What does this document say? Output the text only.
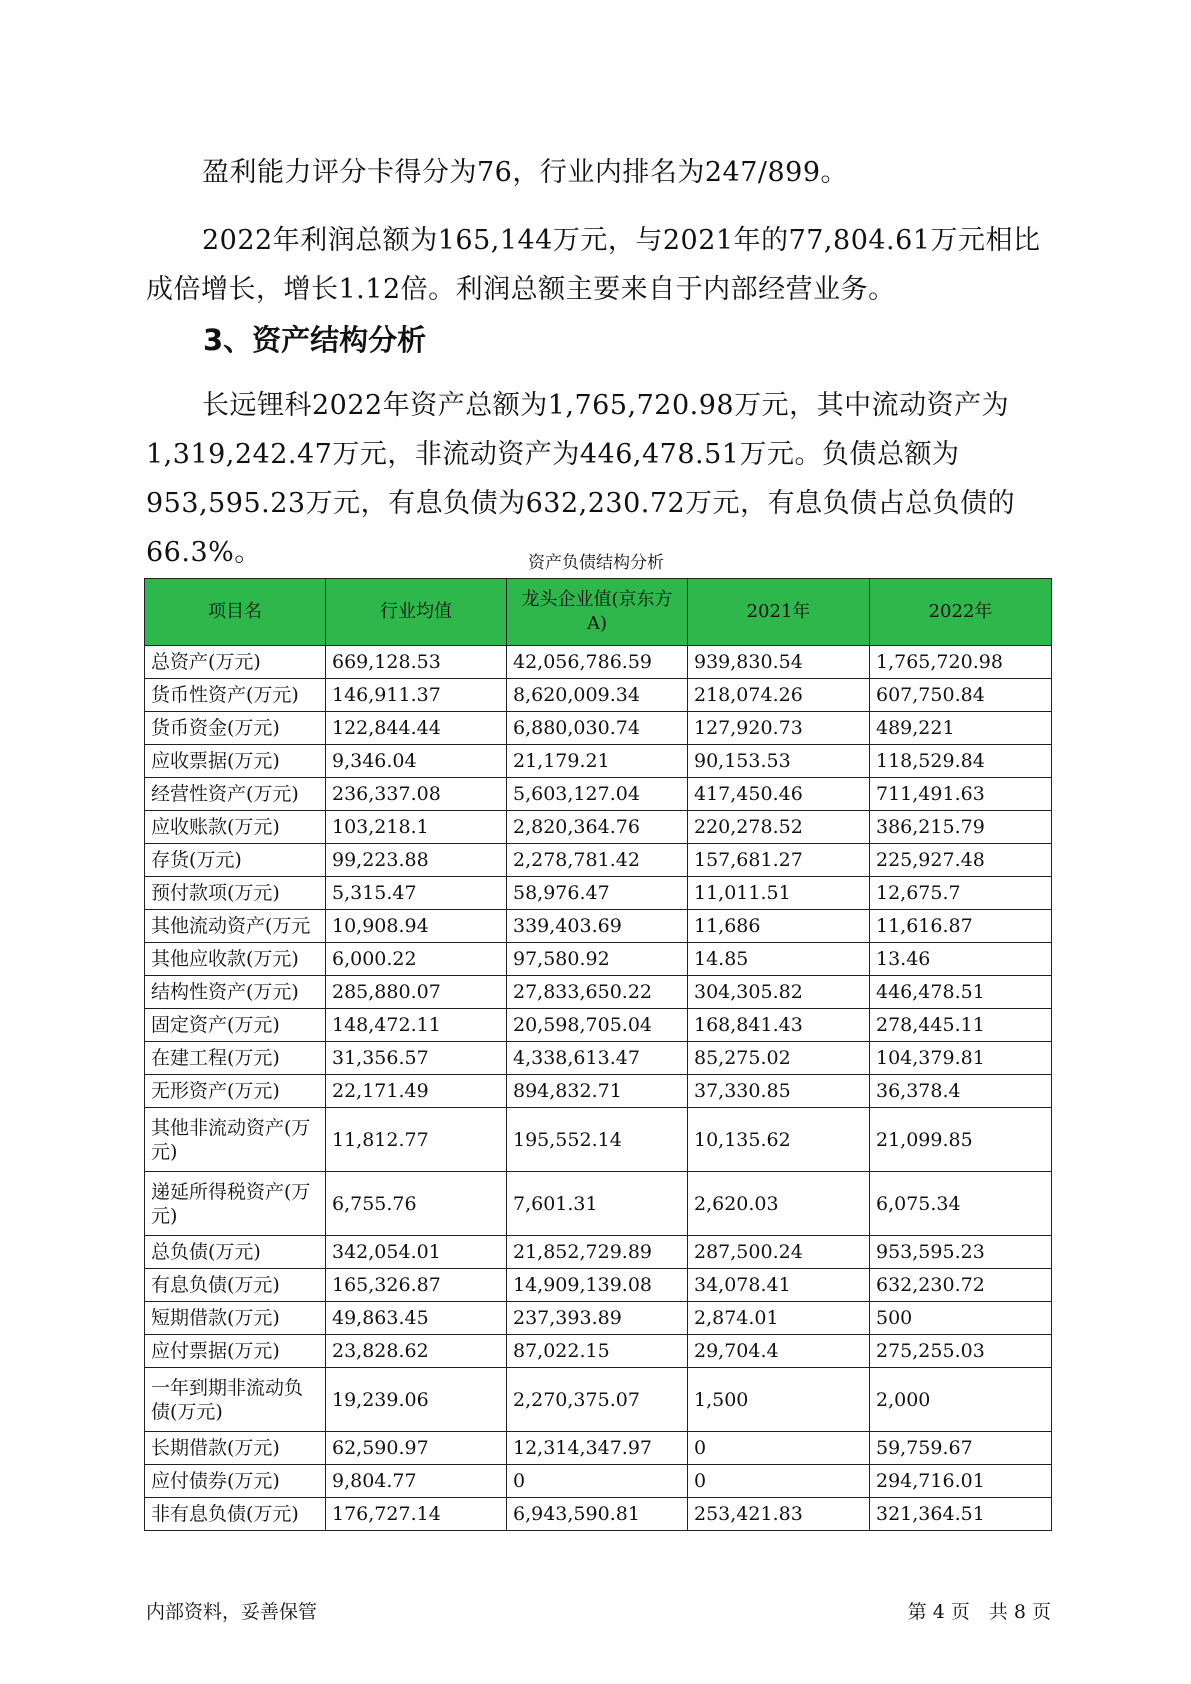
盈利能力评分卡得分为76，行业内排名为247/899。
2022年利润总额为165,144万元，与2021年的77,804.61万元相比成倍增长，增长1.12倍。利润总额主要来自于内部经营业务。
3、资产结构分析
长远锂科2022年资产总额为1,765,720.98万元，其中流动资产为1,319,242.47万元，非流动资产为446,478.51万元。负债总额为953,595.23万元，有息负债为632,230.72万元，有息负债占总负债的66.3%。	资产负债结构分析
项目名	行业均值	龙头企业值(京东方A)	2021年	2022年
总资产(万元)	669,128.53	42,056,786.59	939,830.54	1,765,720.98
货币性资产(万元)	146,911.37	8,620,009.34	218,074.26	607,750.84
货币资金(万元)	122,844.44	6,880,030.74	127,920.73	489,221
应收票据(万元)	9,346.04	21,179.21	90,153.53	118,529.84
经营性资产(万元)	236,337.08	5,603,127.04	417,450.46	711,491.63
应收账款(万元)	103,218.1	2,820,364.76	220,278.52	386,215.79
存货(万元)	99,223.88	2,278,781.42	157,681.27	225,927.48
预付款项(万元)	5,315.47	58,976.47	11,011.51	12,675.7
其他流动资产(万元	10,908.94	339,403.69	11,686	11,616.87
其他应收款(万元)	6,000.22	97,580.92	14.85	13.46
结构性资产(万元)	285,880.07	27,833,650.22	304,305.82	446,478.51
固定资产(万元)	148,472.11	20,598,705.04	168,841.43	278,445.11
在建工程(万元)	31,356.57	4,338,613.47	85,275.02	104,379.81
无形资产(万元)	22,171.49	894,832.71	37,330.85	36,378.4
其他非流动资产(万元)	11,812.77	195,552.14	10,135.62	21,099.85
递延所得税资产(万元)	6,755.76	7,601.31	2,620.03	6,075.34
总负债(万元)	342,054.01	21,852,729.89	287,500.24	953,595.23
有息负债(万元)	165,326.87	14,909,139.08	34,078.41	632,230.72
短期借款(万元)	49,863.45	237,393.89	2,874.01	500
应付票据(万元)	23,828.62	87,022.15	29,704.4	275,255.03
一年到期非流动负债(万元)	19,239.06	2,270,375.07	1,500	2,000
长期借款(万元)	62,590.97	12,314,347.97	0	59,759.67
应付债券(万元)	9,804.77	0	0	294,716.01
非有息负债(万元)	176,727.14	6,943,590.81	253,421.83	321,364.51
内部资料，妥善保管	第 4 页　共 8 页
